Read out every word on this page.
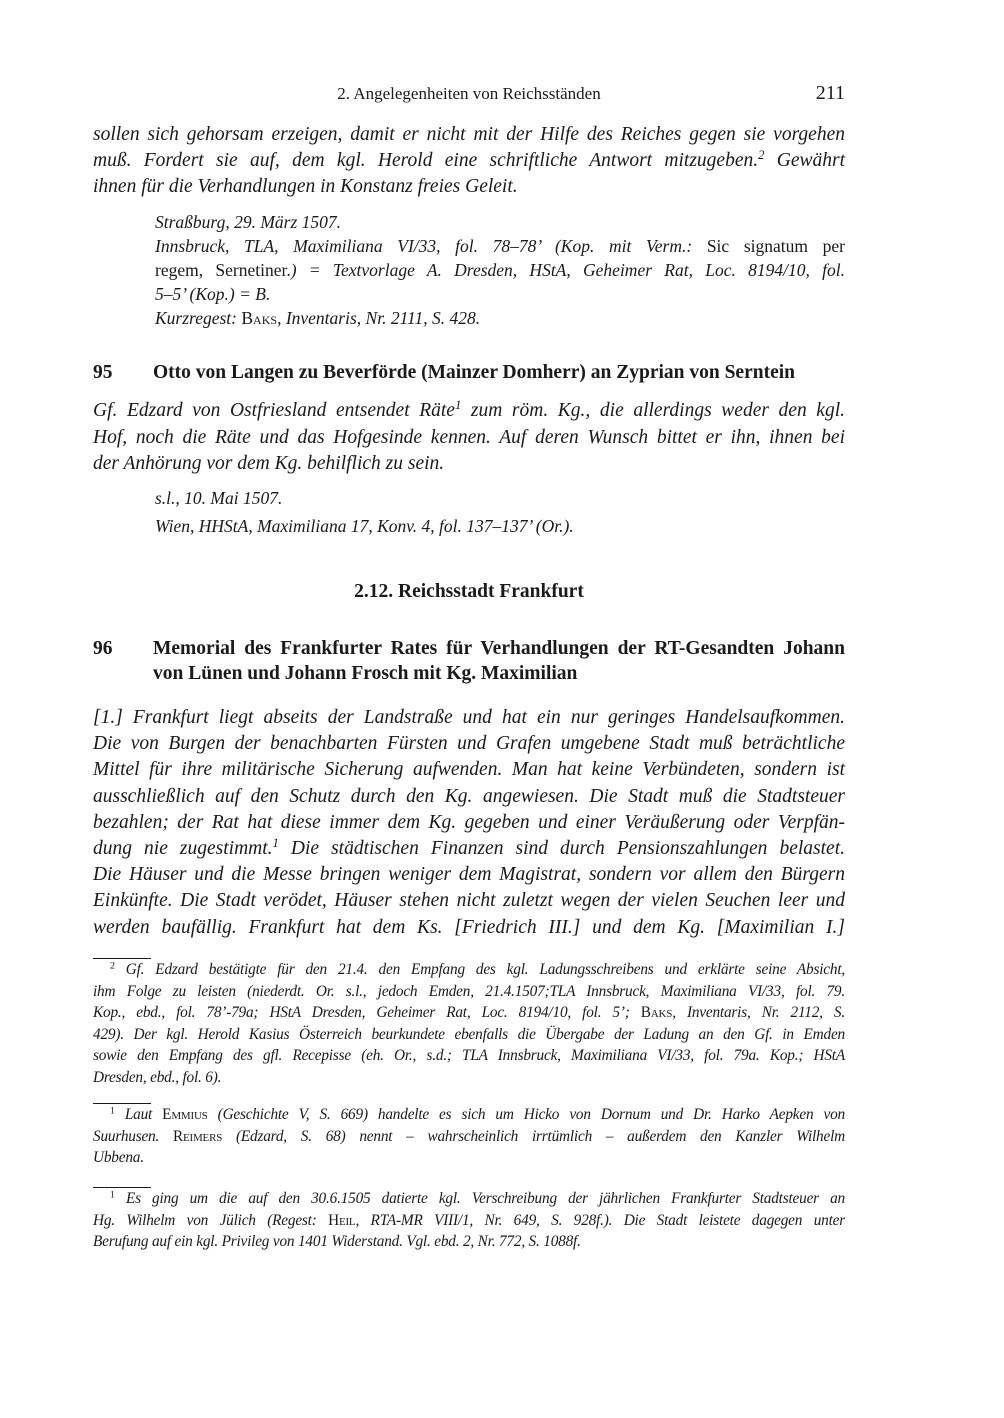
2. Angelegenheiten von Reichsständen	211
sollen sich gehorsam erzeigen, damit er nicht mit der Hilfe des Reiches gegen sie vorgehen
muß. Fordert sie auf, dem kgl. Herold eine schriftliche Antwort mitzugeben.$^2$ Gewährt
ihnen für die Verhandlungen in Konstanz freies Geleit.
Straßburg, 29. März 1507.
Innsbruck, TLA, Maximiliana VI/33, fol. 78–78’ (Kop. mit Verm.: Sic signatum per
regem, Sernetiner.) = Textvorlage A. Dresden, HStA, Geheimer Rat, Loc. 8194/10, fol.
5–5’ (Kop.) = B.
Kurzregest: Baks, Inventaris, Nr. 2111, S. 428.
95 Otto von Langen zu Beverförde (Mainzer Domherr) an Zyprian von Serntein
Gf. Edzard von Ostfriesland entsendet Räte$^1$ zum röm. Kg., die allerdings weder den kgl.
Hof, noch die Räte und das Hofgesinde kennen. Auf deren Wunsch bittet er ihn, ihnen bei
der Anhörung vor dem Kg. behilflich zu sein.
s.l., 10. Mai 1507.
Wien, HHStA, Maximiliana 17, Konv. 4, fol. 137–137’ (Or.).
2.12. Reichsstadt Frankfurt
96 Memorial des Frankfurter Rates für Verhandlungen der RT-Gesandten Johann
von Lünen und Johann Frosch mit Kg. Maximilian
[1.] Frankfurt liegt abseits der Landstraße und hat ein nur geringes Handelsaufkommen.
Die von Burgen der benachbarten Fürsten und Grafen umgebene Stadt muß beträchtliche
Mittel für ihre militärische Sicherung aufwenden. Man hat keine Verbündeten, sondern ist
ausschließlich auf den Schutz durch den Kg. angewiesen. Die Stadt muß die Stadtsteuer
bezahlen; der Rat hat diese immer dem Kg. gegeben und einer Veräußerung oder Verpfän-
dung nie zugestimmt.$^1$ Die städtischen Finanzen sind durch Pensionszahlungen belastet.
Die Häuser und die Messe bringen weniger dem Magistrat, sondern vor allem den Bürgern
Einkünfte. Die Stadt verödet, Häuser stehen nicht zuletzt wegen der vielen Seuchen leer und
werden baufällig. Frankfurt hat dem Ks. [Friedrich III.] und dem Kg. [Maximilian I.]
$^2$ Gf. Edzard bestätigte für den 21.4. den Empfang des kgl. Ladungsschreibens und erklärte seine Absicht,
ihm Folge zu leisten (niederdt. Or. s.l., jedoch Emden, 21.4.1507;TLA Innsbruck, Maximiliana VI/33, fol. 79.
Kop., ebd., fol. 78’-79a; HStA Dresden, Geheimer Rat, Loc. 8194/10, fol. 5’; Baks, Inventaris, Nr. 2112, S.
429). Der kgl. Herold Kasius Österreich beurkundete ebenfalls die Übergabe der Ladung an den Gf. in Emden
sowie den Empfang des gfl. Recepisse (eh. Or., s.d.; TLA Innsbruck, Maximiliana VI/33, fol. 79a. Kop.; HStA
Dresden, ebd., fol. 6).
$^1$ Laut Emmius (Geschichte V, S. 669) handelte es sich um Hicko von Dornum und Dr. Harko Aepken von
Suurhusen. Reimers (Edzard, S. 68) nennt – wahrscheinlich irrtümlich – außerdem den Kanzler Wilhelm
Ubbena.
$^1$ Es ging um die auf den 30.6.1505 datierte kgl. Verschreibung der jährlichen Frankfurter Stadtsteuer an
Hg. Wilhelm von Jülich (Regest: Heil, RTA-MR VIII/1, Nr. 649, S. 928f.). Die Stadt leistete dagegen unter
Berufung auf ein kgl. Privileg von 1401 Widerstand. Vgl. ebd. 2, Nr. 772, S. 1088f.
